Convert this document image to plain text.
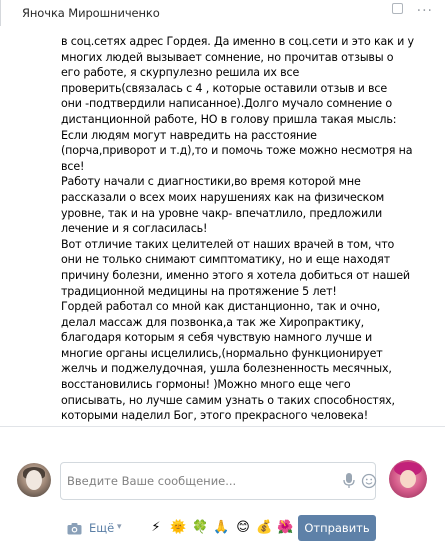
Яночка Мирошниченко	···
в соц.сетях адрес Гордея. Да именно в соц.сети и это как и у
многих людей вызывает сомнение, но прочитав отзывы о
его работе, я скурпулезно решила их все
проверить(связалась с 4 , которые оставили отзыв и все
они -подтвердили написанное).Долго мучало сомнение о
дистанционной работе, НО в голову пришла такая мысль:
Если людям могут навредить на расстояние
(порча,приворот и т.д),то и помочь тоже можно несмотря на
все!
Работу начали с диагностики,во время которой мне
рассказали о всех моих нарушениях как на физическом
уровне, так и на уровне чакр- впечатлило, предложили
лечение и я согласилась!
Вот отличие таких целителей от наших врачей в том, что
они не только снимают симптоматику, но и еще находят
причину болезни, именно этого я хотела добиться от нашей
традиционной медицины на протяжение 5 лет!
Гордей работал со мной как дистанционно, так и очно,
делал массаж для позвонка,а так же Хиропрактику,
благодаря которым я себя чувствую намного лучше и
многие органы исцелились,(нормально функционирует
желчь и поджелудочная, ушла болезненность месячных,
восстановились гормоны! )Можно много еще чего
описывать, но лучше самим узнать о таких способностях,
которыми наделил Бог, этого прекрасного человека!
Введите Ваше сообщение...
Ещё ▾ ⚡ 🌞 🍀 🙏 😊 💰 🌺 Отправить
